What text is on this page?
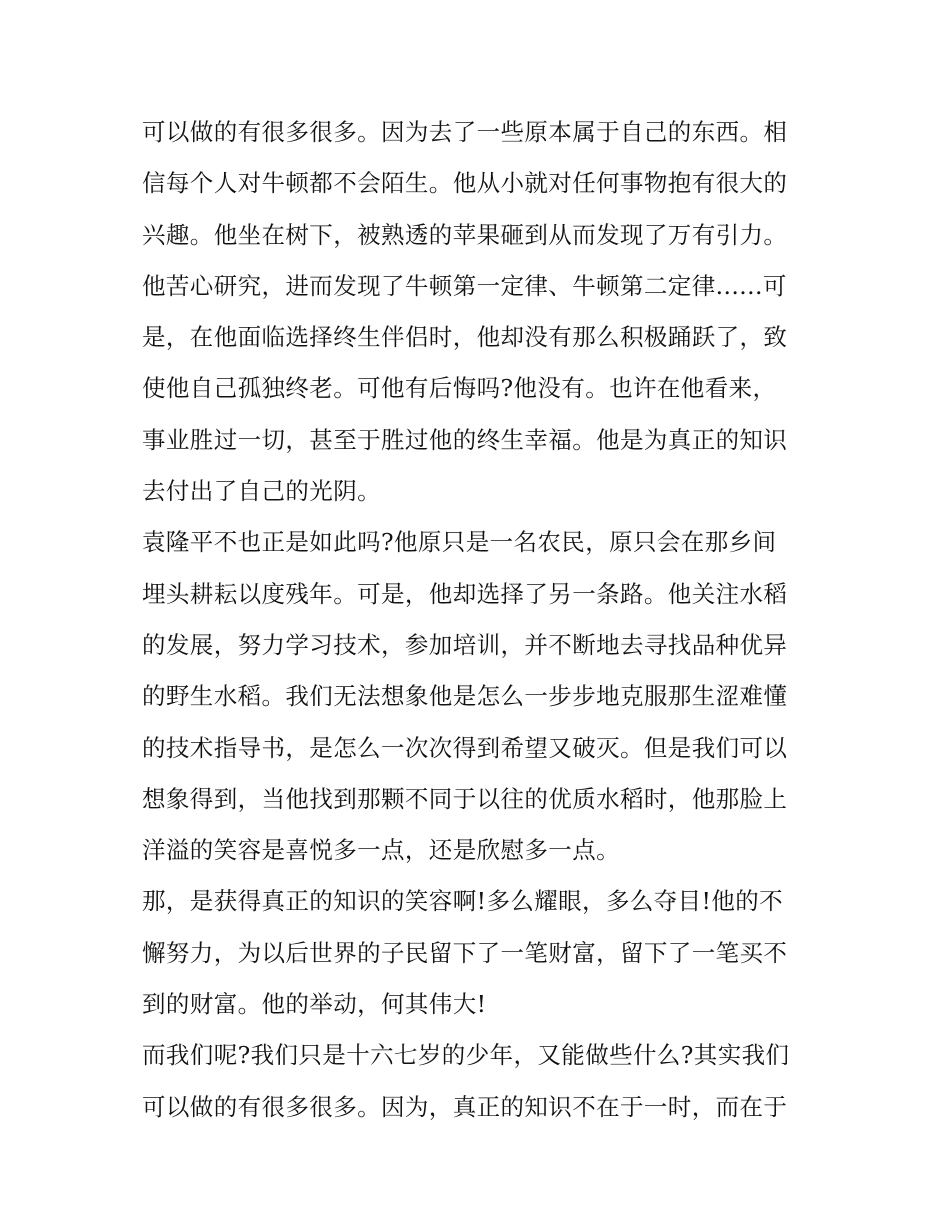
可以做的有很多很多。因为去了一些原本属于自己的东西。相
信每个人对牛顿都不会陌生。他从小就对任何事物抱有很大的
兴趣。他坐在树下，被熟透的苹果砸到从而发现了万有引力。
他苦心研究，进而发现了牛顿第一定律、牛顿第二定律......可
是，在他面临选择终生伴侣时，他却没有那么积极踊跃了，致
使他自己孤独终老。可他有后悔吗?他没有。也许在他看来，
事业胜过一切，甚至于胜过他的终生幸福。他是为真正的知识
去付出了自己的光阴。
袁隆平不也正是如此吗?他原只是一名农民，原只会在那乡间
埋头耕耘以度残年。可是，他却选择了另一条路。他关注水稻
的发展，努力学习技术，参加培训，并不断地去寻找品种优异
的野生水稻。我们无法想象他是怎么一步步地克服那生涩难懂
的技术指导书，是怎么一次次得到希望又破灭。但是我们可以
想象得到，当他找到那颗不同于以往的优质水稻时，他那脸上
洋溢的笑容是喜悦多一点，还是欣慰多一点。
那，是获得真正的知识的笑容啊!多么耀眼，多么夺目!他的不
懈努力，为以后世界的子民留下了一笔财富，留下了一笔买不
到的财富。他的举动，何其伟大!
而我们呢?我们只是十六七岁的少年，又能做些什么?其实我们
可以做的有很多很多。因为，真正的知识不在于一时，而在于
